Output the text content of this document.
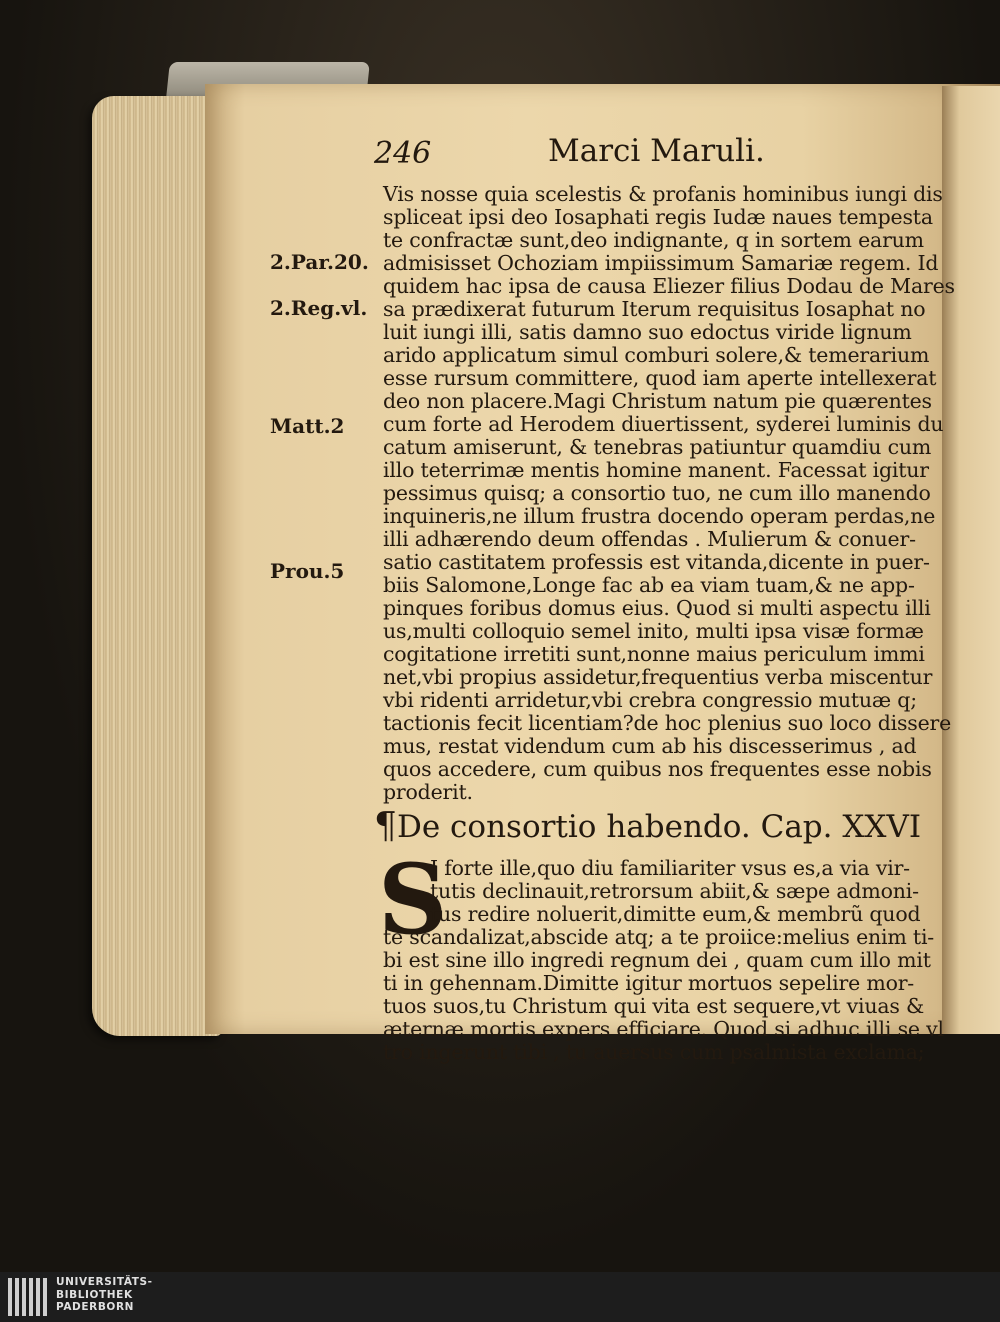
246	Marci Maruli.
2.Par.20.
2.Reg.vl.
Matt.2
Prou.5
Vis nosse quia scelestis & profanis hominibus iungi dis
spliceat ipsi deo Iosaphati regis Iudæ naues tempesta
te confractæ sunt,deo indignante, q in sortem earum
admisisset Ochoziam impiissimum Samariæ regem. Id
quidem hac ipsa de causa Eliezer filius Dodau de Mares
sa prædixerat futurum Iterum requisitus Iosaphat no
luit iungi illi, satis damno suo edoctus viride lignum
arido applicatum simul comburi solere,& temerarium
esse rursum committere, quod iam aperte intellexerat
deo non placere.Magi Christum natum pie quærentes
cum forte ad Herodem diuertissent, syderei luminis du
catum amiserunt, & tenebras patiuntur quamdiu cum
illo teterrimæ mentis homine manent. Facessat igitur
pessimus quisq; a consortio tuo, ne cum illo manendo
inquineris,ne illum frustra docendo operam perdas,ne
illi adhærendo deum offendas . Mulierum & conuer-
satio castitatem professis est vitanda,dicente in puer-
biis Salomone,Longe fac ab ea viam tuam,& ne app-
pinques foribus domus eius. Quod si multi aspectu illi
us,multi colloquio semel inito, multi ipsa visæ formæ
cogitatione irretiti sunt,nonne maius periculum immi
net,vbi propius assidetur,frequentius verba miscentur
vbi ridenti arridetur,vbi crebra congressio mutuæ q;
tactionis fecit licentiam?de hoc plenius suo loco dissere
mus, restat videndum cum ab his discesserimus , ad
quos accedere, cum quibus nos frequentes esse nobis
proderit.
¶ De consortio habendo. Cap. XXVI
S
I forte ille,quo diu familiariter vsus es,a via vir-
tutis declinauit,retrorsum abiit,& sæpe admoni-
tus redire noluerit,dimitte eum,& membrũ quod
te scandalizat,abscide atq; a te proiice:melius enim ti-
bi est sine illo ingredi regnum dei , quam cum illo mit
ti in gehennam.Dimitte igitur mortuos sepelire mor-
tuos suos,tu Christum qui vita est sequere,vt viuas &
æternæ mortis expers efficiare. Quod si adhuc illi se vl
tro ingerunt tibi , tu auersus cum psalmista exclama;
UNIVERSITÄTS-
BIBLIOTHEK
PADERBORN
